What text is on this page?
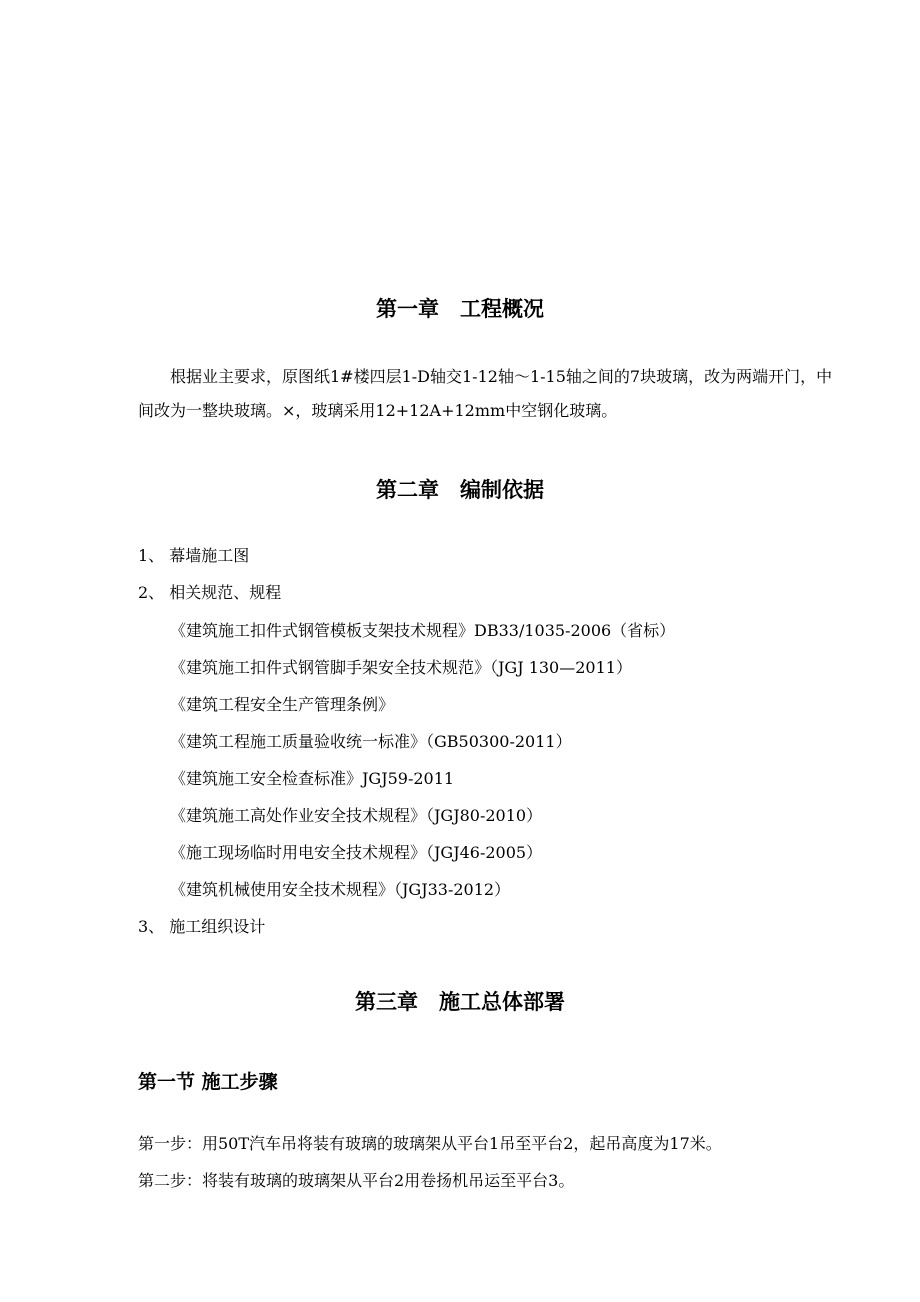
第一章　工程概况

　　根据业主要求，原图纸1#楼四层1-D轴交1-12轴～1-15轴之间的7块玻璃，改为两端开门，中间改为一整块玻璃。×，玻璃采用12+12A+12mm中空钢化玻璃。

第二章　编制依据

1、 幕墙施工图

2、 相关规范、规程

《建筑施工扣件式钢管模板支架技术规程》DB33/1035-2006（省标）

《建筑施工扣件式钢管脚手架安全技术规范》（JGJ 130—2011）

《建筑工程安全生产管理条例》

《建筑工程施工质量验收统一标准》（GB50300-2011）

《建筑施工安全检查标准》JGJ59-2011

《建筑施工高处作业安全技术规程》（JGJ80-2010）

《施工现场临时用电安全技术规程》（JGJ46-2005）

《建筑机械使用安全技术规程》（JGJ33-2012）

3、 施工组织设计

第三章　施工总体部署
第一节 施工步骤

第一步：用50T汽车吊将装有玻璃的玻璃架从平台1吊至平台2，起吊高度为17米。

第二步：将装有玻璃的玻璃架从平台2用卷扬机吊运至平台3。
